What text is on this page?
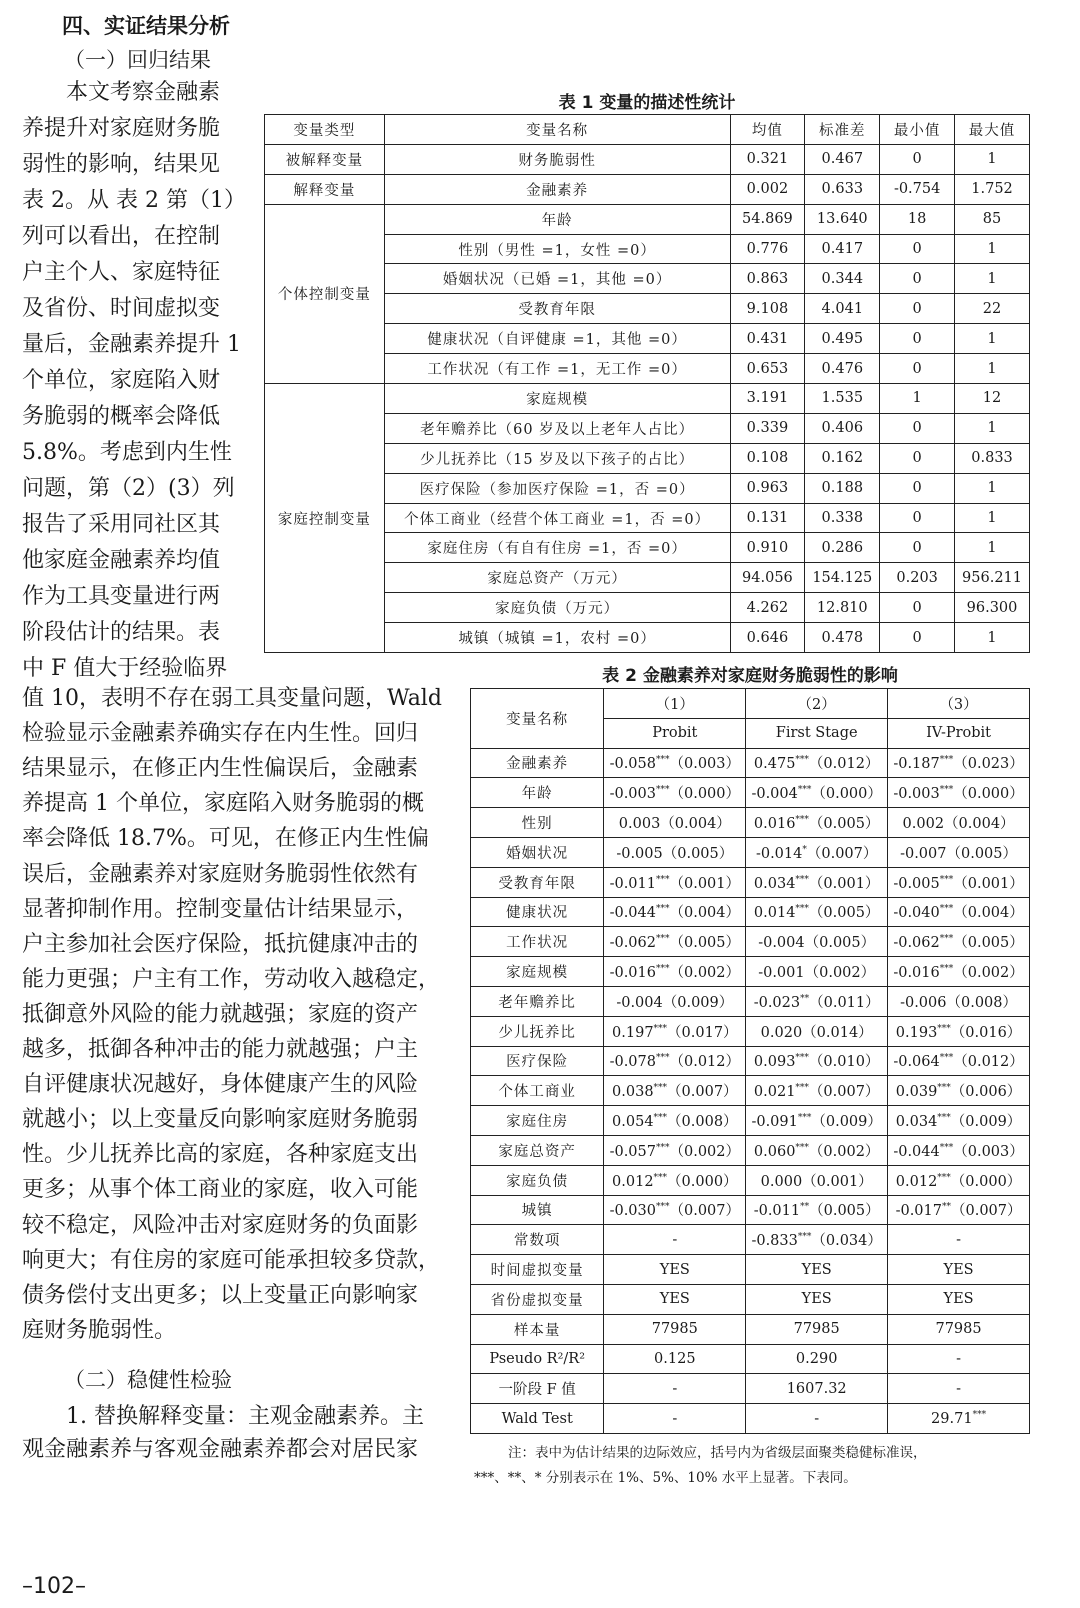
四、实证结果分析
（一）回归结果
本文考察金融素
养提升对家庭财务脆
弱性的影响，结果见
表 2。从 表 2 第（1）
列可以看出，在控制
户主个人、家庭特征
及省份、时间虚拟变
量后，金融素养提升 1
个单位，家庭陷入财
务脆弱的概率会降低
5.8%。考虑到内生性
问题，第（2）(3）列
报告了采用同社区其
他家庭金融素养均值
作为工具变量进行两
阶段估计的结果。表
中 F 值大于经验临界
值 10，表明不存在弱工具变量问题，Wald
检验显示金融素养确实存在内生性。回归
结果显示，在修正内生性偏误后，金融素
养提高 1 个单位，家庭陷入财务脆弱的概
率会降低 18.7%。可见，在修正内生性偏
误后，金融素养对家庭财务脆弱性依然有
显著抑制作用。控制变量估计结果显示，
户主参加社会医疗保险，抵抗健康冲击的
能力更强；户主有工作，劳动收入越稳定，
抵御意外风险的能力就越强；家庭的资产
越多，抵御各种冲击的能力就越强；户主
自评健康状况越好，身体健康产生的风险
就越小；以上变量反向影响家庭财务脆弱
性。少儿抚养比高的家庭，各种家庭支出
更多；从事个体工商业的家庭，收入可能
较不稳定，风险冲击对家庭财务的负面影
响更大；有住房的家庭可能承担较多贷款，
债务偿付支出更多；以上变量正向影响家
庭财务脆弱性。
（二）稳健性检验
1. 替换解释变量：主观金融素养。主
观金融素养与客观金融素养都会对居民家
表 1 变量的描述性统计
变量类型	变量名称	均值	标准差	最小值	最大值
被解释变量	财务脆弱性	0.321	0.467	0	1
解释变量	金融素养	0.002	0.633	-0.754	1.752
个体控制变量	年龄	54.869	13.640	18	85
	性别（男性 =1，女性 =0）	0.776	0.417	0	1
	婚姻状况（已婚 =1，其他 =0）	0.863	0.344	0	1
	受教育年限	9.108	4.041	0	22
	健康状况（自评健康 =1，其他 =0）	0.431	0.495	0	1
	工作状况（有工作 =1，无工作 =0）	0.653	0.476	0	1
家庭控制变量	家庭规模	3.191	1.535	1	12
	老年赡养比（60 岁及以上老年人占比）	0.339	0.406	0	1
	少儿抚养比（15 岁及以下孩子的占比）	0.108	0.162	0	0.833
	医疗保险（参加医疗保险 =1，否 =0）	0.963	0.188	0	1
	个体工商业（经营个体工商业 =1，否 =0）	0.131	0.338	0	1
	家庭住房（有自有住房 =1，否 =0）	0.910	0.286	0	1
	家庭总资产（万元）	94.056	154.125	0.203	956.211
	家庭负债（万元）	4.262	12.810	0	96.300
	城镇（城镇 =1，农村 =0）	0.646	0.478	0	1
表 2 金融素养对家庭财务脆弱性的影响
变量名称	（1）	（2）	（3）
	Probit	First Stage	IV-Probit
金融素养	-0.058***（0.003）	0.475***（0.012）	-0.187***（0.023）
年龄	-0.003***（0.000）	-0.004***（0.000）	-0.003***（0.000）
性别	0.003（0.004）	0.016***（0.005）	0.002（0.004）
婚姻状况	-0.005（0.005）	-0.014*（0.007）	-0.007（0.005）
受教育年限	-0.011***（0.001）	0.034***（0.001）	-0.005***（0.001）
健康状况	-0.044***（0.004）	0.014***（0.005）	-0.040***（0.004）
工作状况	-0.062***（0.005）	-0.004（0.005）	-0.062***（0.005）
家庭规模	-0.016***（0.002）	-0.001（0.002）	-0.016***（0.002）
老年赡养比	-0.004（0.009）	-0.023**（0.011）	-0.006（0.008）
少儿抚养比	0.197***（0.017）	0.020（0.014）	0.193***（0.016）
医疗保险	-0.078***（0.012）	0.093***（0.010）	-0.064***（0.012）
个体工商业	0.038***（0.007）	0.021***（0.007）	0.039***（0.006）
家庭住房	0.054***（0.008）	-0.091***（0.009）	0.034***（0.009）
家庭总资产	-0.057***（0.002）	0.060***（0.002）	-0.044***（0.003）
家庭负债	0.012***（0.000）	0.000（0.001）	0.012***（0.000）
城镇	-0.030***（0.007）	-0.011**（0.005）	-0.017**（0.007）
常数项	-	-0.833***（0.034）	-
时间虚拟变量	YES	YES	YES
省份虚拟变量	YES	YES	YES
样本量	77985	77985	77985
Pseudo R²/R²	0.125	0.290	-
一阶段 F 值	-	1607.32	-
Wald Test	-	-	29.71***
注：表中为估计结果的边际效应，括号内为省级层面聚类稳健标准误，
***、**、* 分别表示在 1%、5%、10% 水平上显著。下表同。
–102–
